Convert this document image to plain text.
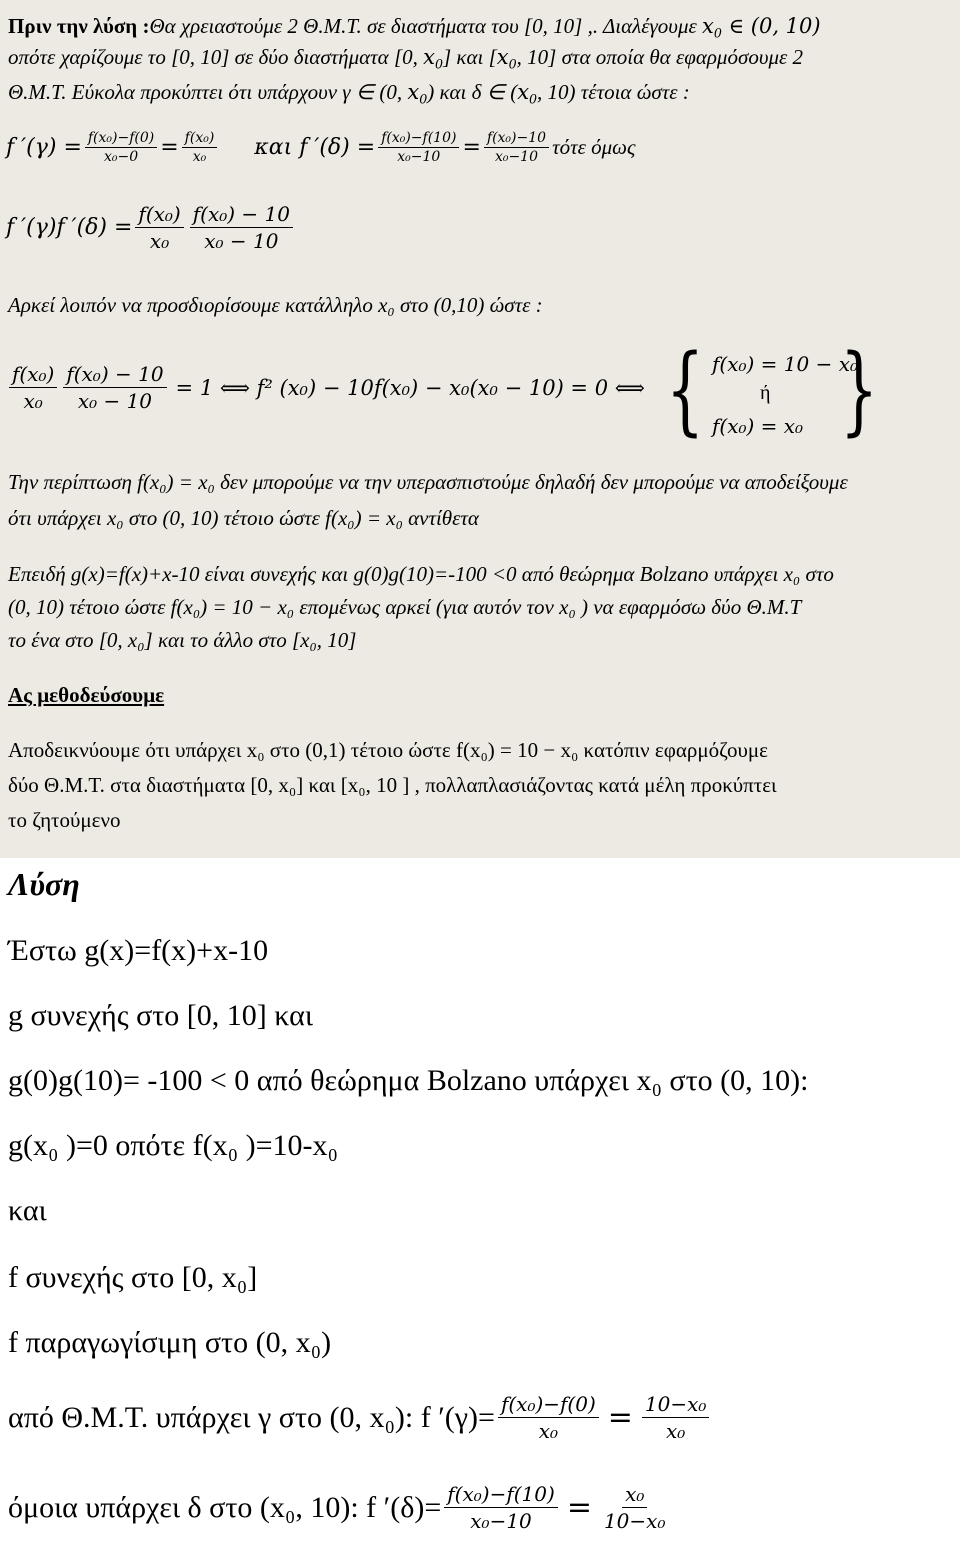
Πριν την λύση :Θα χρειαστούμε 2 Θ.Μ.Τ. σε διαστήματα του [0, 10] ,. Διαλέγουμε $x_0$ ∈ (0, 10)
οπότε χαρίζουμε το [0, 10] σε δύο διαστήματα [0, $x_0$] και [$x_0$, 10] στα οποία θα εφαρμόσουμε 2
Θ.Μ.Τ. Εύκολα προκύπτει ότι υπάρχουν γ ∈ (0, $x_0$) και δ ∈ ($x_0$, 10) τέτοια ώστε :
f $'(\gamma) = \frac{\text{f(x₀)−f(0)}}{\text{x₀−0}} = \frac{\text{f(x₀)}}{\text{x₀}}$ και
f $'(\delta) = \frac{\text{f(x₀)−f(10)}}{\text{x₀−10}} = \frac{\text{f(x₀)−10}}{\text{x₀−10}}$ τότε όμως
f ′(γ)f $'(\delta) = \frac{\text{f(x₀)}}{\text{x₀}} \frac{\text{f(x₀) − 10}}{\text{x₀ − 10}}$
Αρκεί λοιπόν να προσδιορίσουμε κατάλληλο x₀ στο (0,10) ώστε :
$\frac{\text{f(x₀)}}{\text{x₀}} \frac{\text{f(x₀) − 10}}{\text{x₀ − 10}} = 1$ ⟺ f² (x₀) − 10f(x₀) − x₀(x₀ − 10) = 0 ⟺ { f(x₀) = 10 − x₀
ή
f(x₀) = x₀ }
Την περίπτωση f(x₀) = x₀ δεν μπορούμε να την υπερασπιστούμε δηλαδή δεν μπορούμε να αποδείξουμε
ότι υπάρχει x₀ στο (0, 10) τέτοιο ώστε f(x₀) = x₀ αντίθετα
Επειδή g(x)=f(x)+x-10 είναι συνεχής και g(0)g(10)=-100 <0 από θεώρημα Bolzano υπάρχει x₀ στο
(0, 10) τέτοιο ώστε f(x₀) = 10 − x₀ επομένως αρκεί (για αυτόν τον x₀ ) να εφαρμόσω δύο Θ.Μ.Τ
το ένα στο [0, x₀] και το άλλο στο [x₀, 10]
Ας μεθοδεύσουμε
Αποδεικνύουμε ότι υπάρχει x₀ στο (0,1) τέτοιο ώστε f(x₀) = 10 − x₀ κατόπιν εφαρμόζουμε
δύο Θ.Μ.Τ. στα διαστήματα [0, x₀] και [x₀, 10 ] , πολλαπλασιάζοντας κατά μέλη προκύπτει
το ζητούμενο
Λύση
Έστω g(x)=f(x)+x-10
g συνεχής στο [0, 10] και
g(0)g(10)= -100 < 0 από θεώρημα Bolzano υπάρχει x₀ στο (0, 10):
g(x₀ )=0 οπότε f(x₀ )=10-x₀
και
f συνεχής στο [0, x₀]
f παραγωγίσιμη στο (0, x₀)
από Θ.Μ.Τ. υπάρχει γ στο (0, x₀): f $'(\gamma)= \frac{\text{f(x₀)−f(0)}}{\text{x₀}} = \frac{\text{10−x₀}}{\text{x₀}}$
όμοια υπάρχει δ στο (x₀, 10): f $'(\delta)= \frac{\text{f(x₀)−f(10)}}{\text{x₀−10}} = \frac{\text{x₀}}{\text{10−x₀}}$
